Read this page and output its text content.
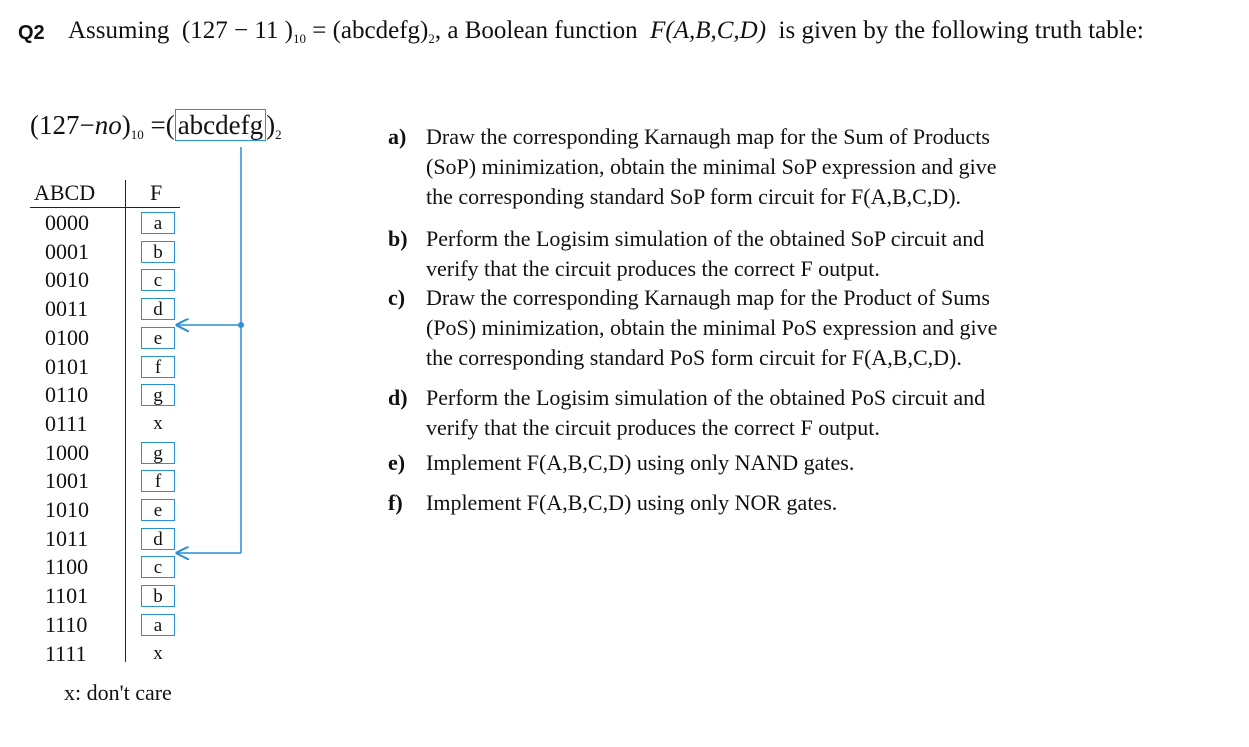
Q2 Assuming (127 − 11 )$_{10}$ = $(abcdefg)_2$, a Boolean function F(A,B,C,D) is given by the following truth table:
$(127-no)_{10}$ =( abcdefg )$_2$
ABCD F
0000	a
0001	b
0010	c
0011	d
0100	e
0101	f
0110	g
0111	x
1000	g
1001	f
1010	e
1011	d
1100	c
1101	b
1110	a
1111	x
x: don't care
a) Draw the corresponding Karnaugh map for the Sum of Products
(SoP) minimization, obtain the minimal SoP expression and give
the corresponding standard SoP form circuit for F(A,B,C,D).
b) Perform the Logisim simulation of the obtained SoP circuit and
verify that the circuit produces the correct F output.
c) Draw the corresponding Karnaugh map for the Product of Sums
(PoS) minimization, obtain the minimal PoS expression and give
the corresponding standard PoS form circuit for F(A,B,C,D).
d) Perform the Logisim simulation of the obtained PoS circuit and
verify that the circuit produces the correct F output.
e) Implement F(A,B,C,D) using only NAND gates.
f) Implement F(A,B,C,D) using only NOR gates.
